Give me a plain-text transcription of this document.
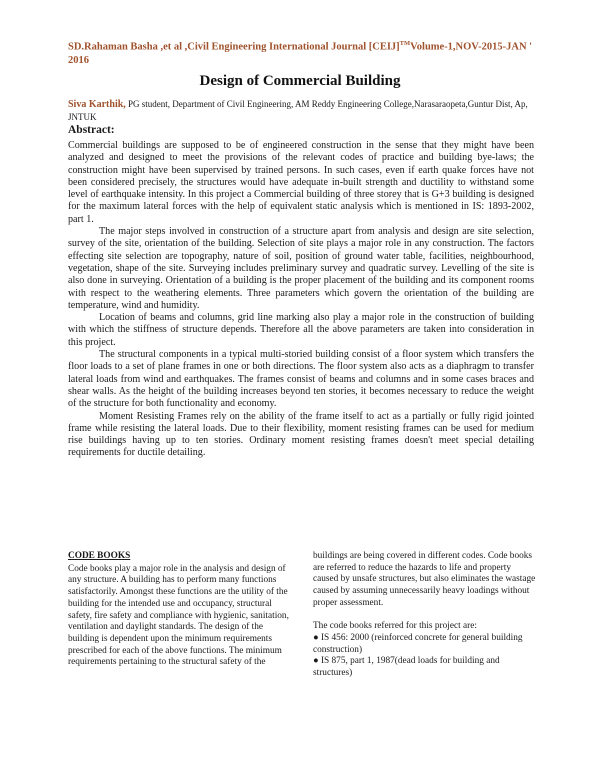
SD.Rahaman Basha ,et al ,Civil Engineering International Journal [CEIJ]™Volume-1,NOV-2015-JAN ' 2016
Design of Commercial Building
Siva Karthik, PG student, Department of Civil Engineering, AM Reddy Engineering College,Narasaraopeta,Guntur Dist, Ap, JNTUK
Abstract:

Commercial buildings are supposed to be of engineered construction in the sense that they might have been analyzed and designed to meet the provisions of the relevant codes of practice and building bye-laws; the construction might have been supervised by trained persons. In such cases, even if earth quake forces have not been considered precisely, the structures would have adequate in-built strength and ductility to withstand some level of earthquake intensity. In this project a Commercial building of three storey that is G+3 building is designed for the maximum lateral forces with the help of equivalent static analysis which is mentioned in IS: 1893-2002, part 1.

The major steps involved in construction of a structure apart from analysis and design are site selection, survey of the site, orientation of the building. Selection of site plays a major role in any construction. The factors effecting site selection are topography, nature of soil, position of ground water table, facilities, neighbourhood, vegetation, shape of the site. Surveying includes preliminary survey and quadratic survey. Levelling of the site is also done in surveying. Orientation of a building is the proper placement of the building and its component rooms with respect to the weathering elements. Three parameters which govern the orientation of the building are temperature, wind and humidity.

Location of beams and columns, grid line marking also play a major role in the construction of building with which the stiffness of structure depends. Therefore all the above parameters are taken into consideration in this project.

The structural components in a typical multi-storied building consist of a floor system which transfers the floor loads to a set of plane frames in one or both directions. The floor system also acts as a diaphragm to transfer lateral loads from wind and earthquakes. The frames consist of beams and columns and in some cases braces and shear walls. As the height of the building increases beyond ten stories, it becomes necessary to reduce the weight of the structure for both functionality and economy.

Moment Resisting Frames rely on the ability of the frame itself to act as a partially or fully rigid jointed frame while resisting the lateral loads. Due to their flexibility, moment resisting frames can be used for medium rise buildings having up to ten stories. Ordinary moment resisting frames doesn't meet special detailing requirements for ductile detailing.

CODE BOOKS

Code books play a major role in the analysis and design of any structure. A building has to perform many functions satisfactorily. Amongst these functions are the utility of the building for the intended use and occupancy, structural safety, fire safety and compliance with hygienic, sanitation, ventilation and daylight standards. The design of the building is dependent upon the minimum requirements prescribed for each of the above functions. The minimum requirements pertaining to the structural safety of the

buildings are being covered in different codes. Code books are referred to reduce the hazards to life and property caused by unsafe structures, but also eliminates the wastage caused by assuming unnecessarily heavy loadings without proper assessment.

The code books referred for this project are:

● IS 456: 2000 (reinforced concrete for general building construction)

● IS 875, part 1, 1987(dead loads for building and structures)
